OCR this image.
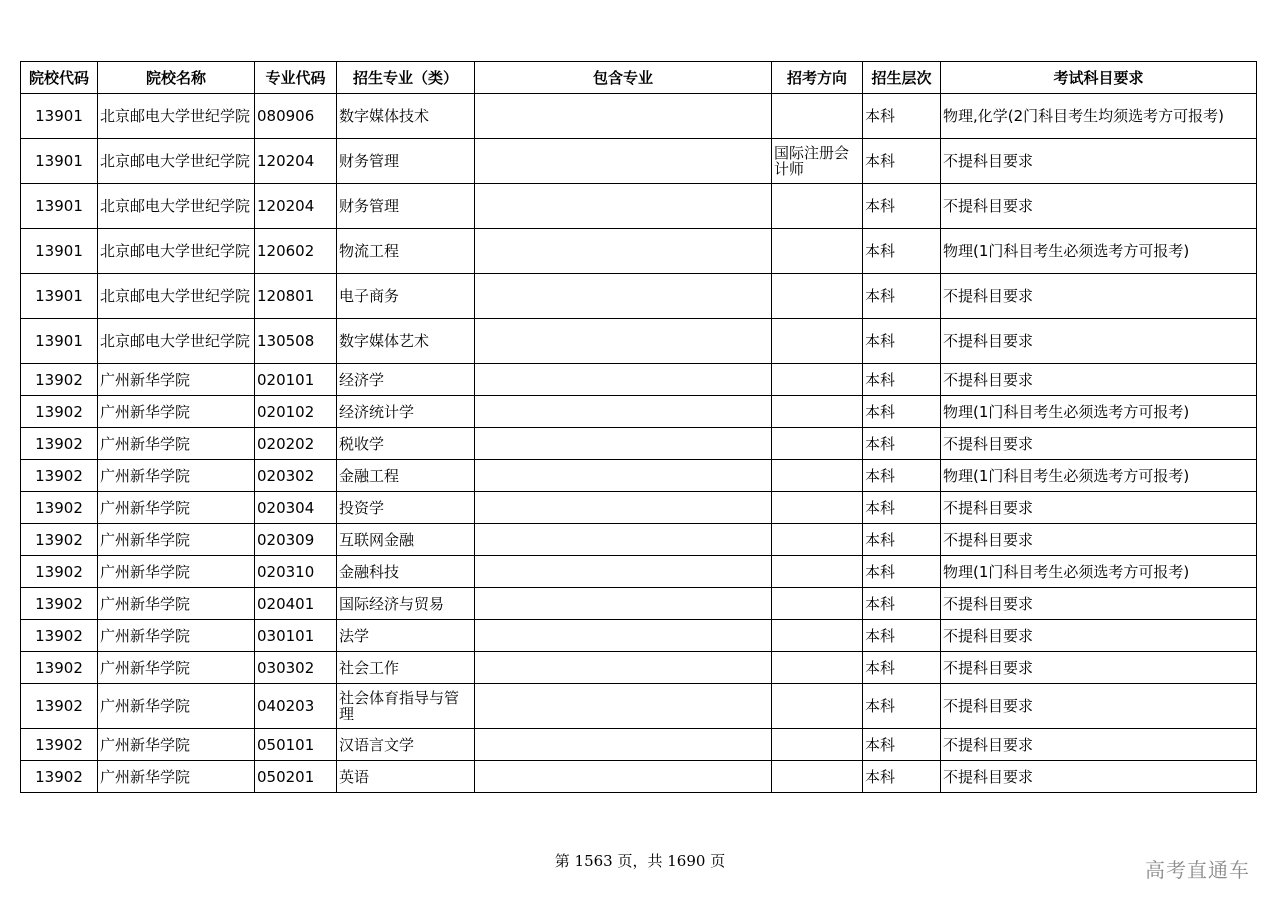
院校代码	院校名称	专业代码	招生专业（类）	包含专业	招考方向	招生层次	考试科目要求
13901	北京邮电大学世纪学院	080906	数字媒体技术			本科	物理,化学(2门科目考生均须选考方可报考)
13901	北京邮电大学世纪学院	120204	财务管理		国际注册会计师	本科	不提科目要求
13901	北京邮电大学世纪学院	120204	财务管理			本科	不提科目要求
13901	北京邮电大学世纪学院	120602	物流工程			本科	物理(1门科目考生必须选考方可报考)
13901	北京邮电大学世纪学院	120801	电子商务			本科	不提科目要求
13901	北京邮电大学世纪学院	130508	数字媒体艺术			本科	不提科目要求
13902	广州新华学院	020101	经济学			本科	不提科目要求
13902	广州新华学院	020102	经济统计学			本科	物理(1门科目考生必须选考方可报考)
13902	广州新华学院	020202	税收学			本科	不提科目要求
13902	广州新华学院	020302	金融工程			本科	物理(1门科目考生必须选考方可报考)
13902	广州新华学院	020304	投资学			本科	不提科目要求
13902	广州新华学院	020309	互联网金融			本科	不提科目要求
13902	广州新华学院	020310	金融科技			本科	物理(1门科目考生必须选考方可报考)
13902	广州新华学院	020401	国际经济与贸易			本科	不提科目要求
13902	广州新华学院	030101	法学			本科	不提科目要求
13902	广州新华学院	030302	社会工作			本科	不提科目要求
13902	广州新华学院	040203	社会体育指导与管理			本科	不提科目要求
13902	广州新华学院	050101	汉语言文学			本科	不提科目要求
13902	广州新华学院	050201	英语			本科	不提科目要求
第 1563 页，共 1690 页	高考直通车
